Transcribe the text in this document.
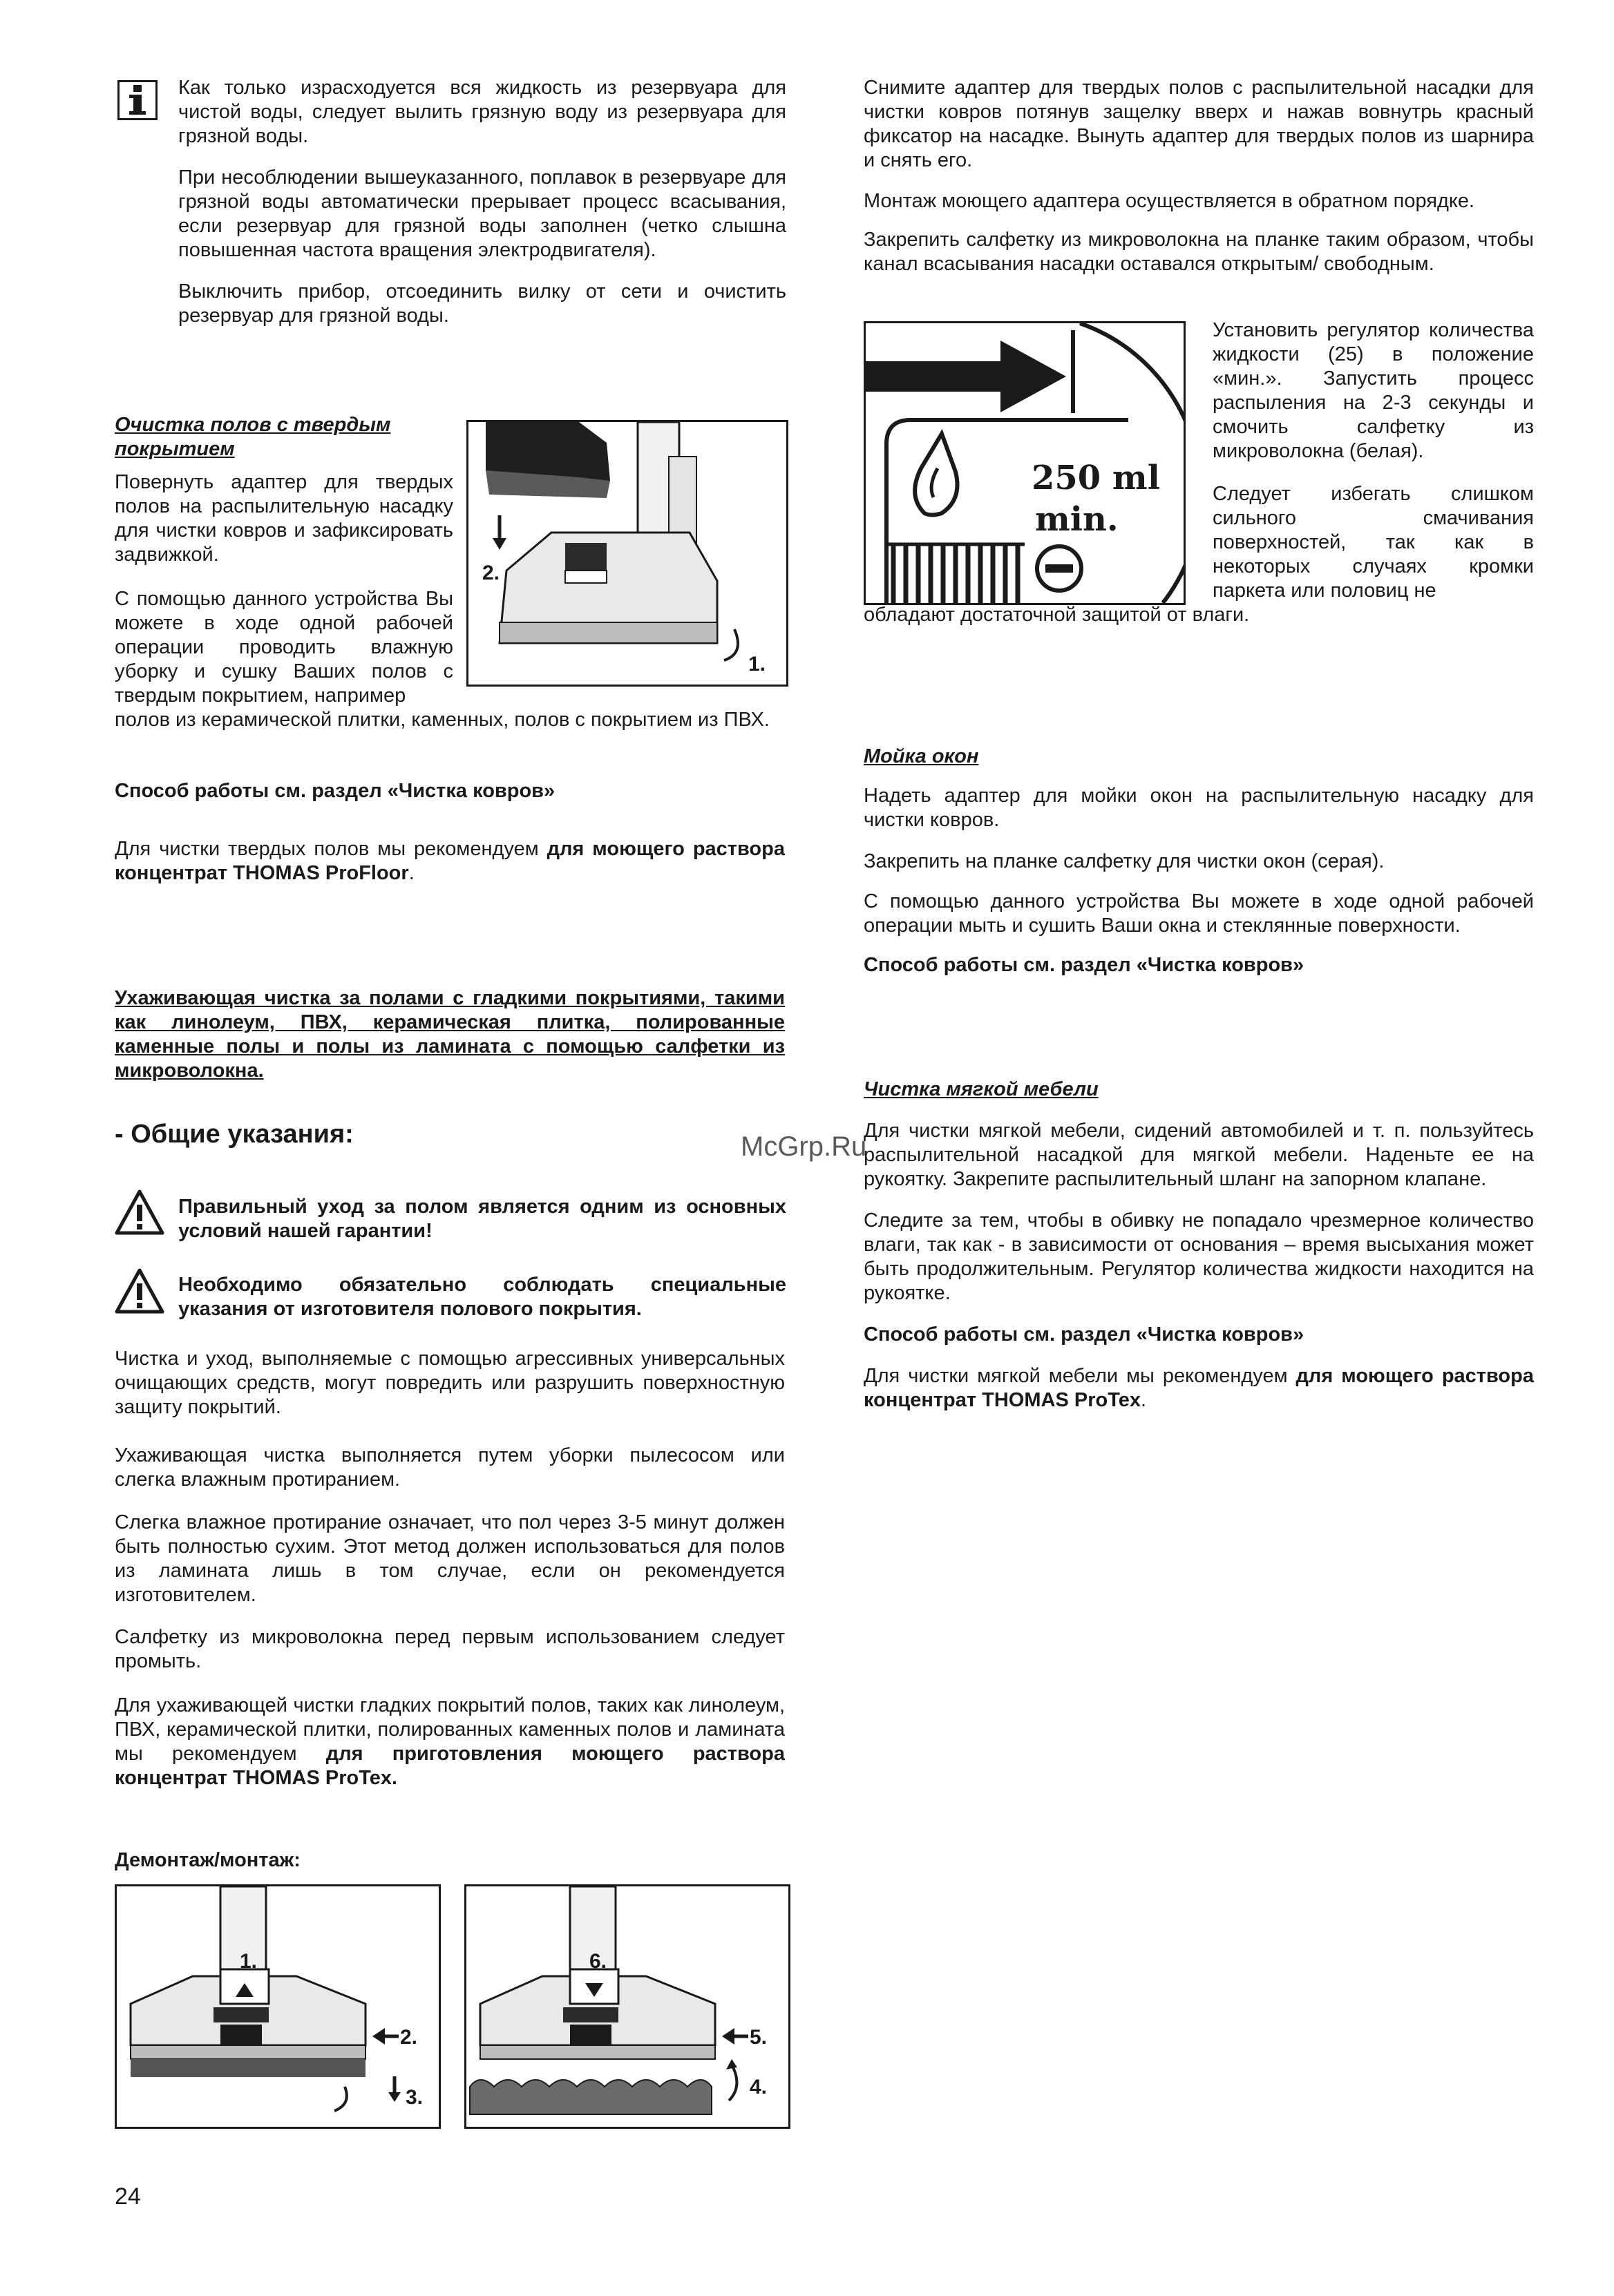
Как только израсходуется вся жидкость из резервуара для чистой воды, следует вылить грязную воду из резервуара для грязной воды.

При несоблюдении вышеуказанного, поплавок в резервуаре для грязной воды автоматически прерывает процесс всасывания, если резервуар для грязной воды заполнен (четко слышна повышенная частота вращения электродвигателя).

Выключить прибор, отсоединить вилку от сети и очистить резервуар для грязной воды.

Очистка полов с твердым покрытием

2.
1.

Повернуть адаптер для твердых полов на распылительную насадку для чистки ковров и зафиксировать задвижкой.

С помощью данного устройства Вы можете в ходе одной рабочей операции проводить влажную уборку и сушку Ваших полов с твердым покрытием, например

полов из керамической плитки, каменных, полов с покрытием из ПВХ.

Способ работы см. раздел «Чистка ковров»

Для чистки твердых полов мы рекомендуем для моющего раствора концентрат THOMAS ProFloor.

Ухаживающая чистка за полами с гладкими покрытиями, такими как линолеум, ПВХ, керамическая плитка, полированные каменные полы и полы из ламината с помощью салфетки из микроволокна.

- Общие указания:

Правильный уход за полом является одним из основных условий нашей гарантии!

Необходимо обязательно соблюдать специальные указания от изготовителя полового покрытия.

Чистка и уход, выполняемые с помощью агрессивных универсальных очищающих средств, могут повредить или разрушить поверхностную защиту покрытий.

Ухаживающая чистка выполняется путем уборки пылесосом или слегка влажным протиранием.

Слегка влажное протирание означает, что пол через 3-5 минут должен быть полностью сухим. Этот метод должен использоваться для полов из ламината лишь в том случае, если он рекомендуется изготовителем.

Салфетку из микроволокна перед первым использованием следует промыть.

Для ухаживающей чистки гладких покрытий полов, таких как линолеум, ПВХ, керамической плитки, полированных каменных полов и ламината мы рекомендуем для приготовления моющего раствора концентрат THOMAS ProTex.

Демонтаж/монтаж:

1.
2.
3.
6.
5.
4.

24

Снимите адаптер для твердых полов с распылительной насадки для чистки ковров потянув защелку вверх и нажав вовнутрь красный фиксатор на насадке. Вынуть адаптер для твердых полов из шарнира и снять его.

Монтаж моющего адаптера осуществляется в обратном порядке.

Закрепить салфетку из микроволокна на планке таким образом, чтобы канал всасывания насадки оставался открытым/ свободным.

250 ml
min.

Установить регулятор количества жидкости (25) в положение «мин.». Запустить процесс распыления на 2-3 секунды и смочить салфетку из микроволокна (белая).

Следует избегать слишком сильного смачивания поверхностей, так как в некоторых случаях кромки паркета или половиц не

обладают достаточной защитой от влаги.

Мойка окон

Надеть адаптер для мойки окон на распылительную насадку для чистки ковров.

Закрепить на планке салфетку для чистки окон (серая).

С помощью данного устройства Вы можете в ходе одной рабочей операции мыть и сушить Ваши окна и стеклянные поверхности.

Способ работы см. раздел «Чистка ковров»

Чистка мягкой мебели

Для чистки мягкой мебели, сидений автомобилей и т. п. пользуйтесь распылительной насадкой для мягкой мебели. Наденьте ее на рукоятку. Закрепите распылительный шланг на запорном клапане.

Следите за тем, чтобы в обивку не попадало чрезмерное количество влаги, так как - в зависимости от основания – время высыхания может быть продолжительным. Регулятор количества жидкости находится на рукоятке.

Способ работы см. раздел «Чистка ковров»

Для чистки мягкой мебели мы рекомендуем для моющего раствора концентрат THOMAS ProTex.

McGrp.Ru
